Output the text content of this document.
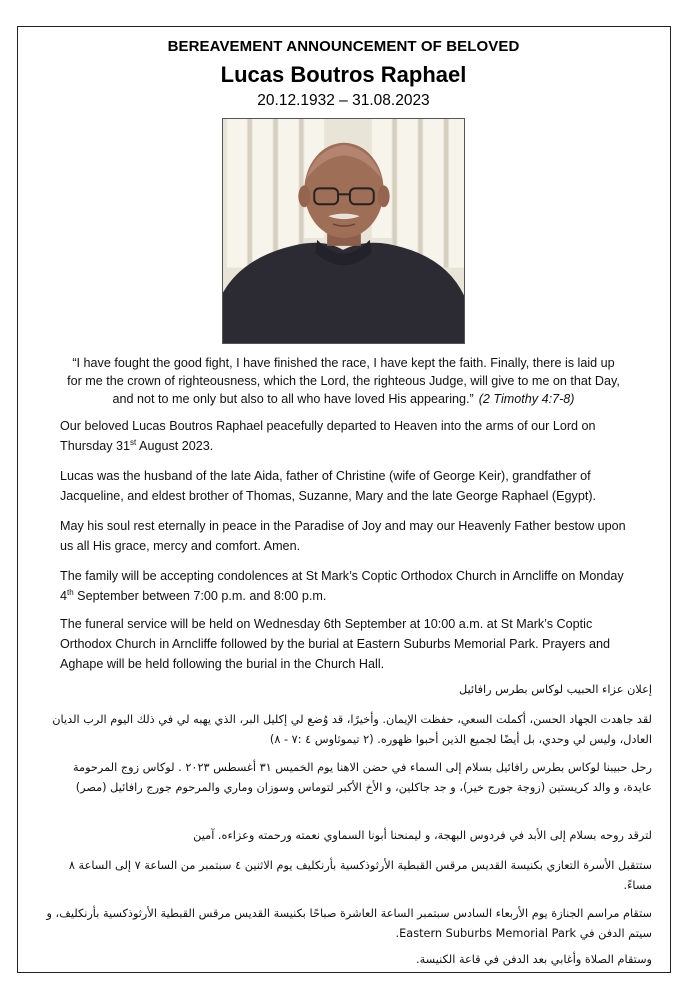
BEREAVEMENT ANNOUNCEMENT OF BELOVED
Lucas Boutros Raphael
20.12.1932 – 31.08.2023
“I have fought the good fight, I have finished the race, I have kept the faith. Finally, there is laid up
for me the crown of righteousness, which the Lord, the righteous Judge, will give to me on that Day,
and not to me only but also to all who have loved His appearing.” (2 Timothy 4:7-8)
Our beloved Lucas Boutros Raphael peacefully departed to Heaven into the arms of our Lord on Thursday 31st August 2023.
Lucas was the husband of the late Aida, father of Christine (wife of George Keir), grandfather of Jacqueline, and eldest brother of Thomas, Suzanne, Mary and the late George Raphael (Egypt).
May his soul rest eternally in peace in the Paradise of Joy and may our Heavenly Father bestow upon us all His grace, mercy and comfort. Amen.
The family will be accepting condolences at St Mark’s Coptic Orthodox Church in Arncliffe on Monday 4th September between 7:00 p.m. and 8:00 p.m.
The funeral service will be held on Wednesday 6th September at 10:00 a.m. at St Mark’s Coptic Orthodox Church in Arncliffe followed by the burial at Eastern Suburbs Memorial Park. Prayers and Aghape will be held following the burial in the Church Hall.
إعلان عزاء الحبيب لوكاس بطرس رافائيل
لقد جاهدت الجهاد الحسن، أكملت السعي، حفظت الإيمان. وأخيرًا، قد وُضع لي إكليل البر، الذي يهبه لي في ذلك اليوم الرب الديان العادل، وليس لي وحدي، بل أيضًا لجميع الذين أحبوا ظهوره. (٢ تيموثاوس ٤ :٧ - ٨)
رحل حبيبنا لوكاس بطرس رافائيل بسلام إلى السماء في حضن الاهنا يوم الخميس ٣١ أغسطس ٢٠٢٣ . لوكاس زوج المرحومة عايدة، و والد كريستين (زوجة جورج خير)، و جد جاكلين، و الأخ الأكبر لتوماس وسوزان وماري والمرحوم جورج رافائيل (مصر)
لترقد روحه بسلام إلى الأبد في فردوس البهجة، و ليمنحنا أبونا السماوي نعمته ورحمته وعزاءه. آمين
ستتقبل الأسرة التعازي بكنيسة القديس مرقس القبطية الأرثوذكسية بأرنكليف يوم الاثنين ٤ سبتمبر من الساعة ٧ إلى الساعة ٨ مساءً.
ستقام مراسم الجنازة يوم الأربعاء السادس سبتمبر الساعة العاشرة صباحًا بكنيسة القديس مرقس القبطية الأرثوذكسية بأرنكليف، و سيتم الدفن في Eastern Suburbs Memorial Park.
وستقام الصلاة وأغابي بعد الدفن في قاعة الكنيسة.
